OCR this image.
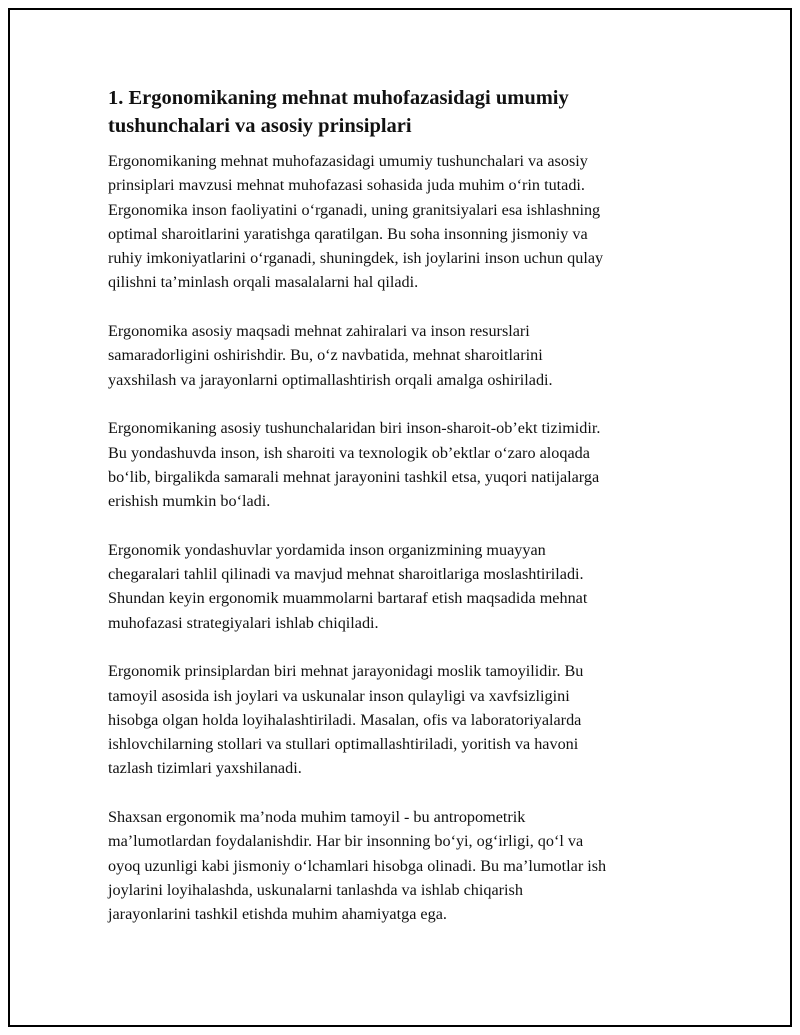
1. Ergonomikaning mehnat muhofazasidagi umumiy
tushunchalari va asosiy prinsiplari

Ergonomikaning mehnat muhofazasidagi umumiy tushunchalari va asosiy
prinsiplari mavzusi mehnat muhofazasi sohasida juda muhim o‘rin tutadi.
Ergonomika inson faoliyatini o‘rganadi, uning granitsiyalari esa ishlashning
optimal sharoitlarini yaratishga qaratilgan. Bu soha insonning jismoniy va
ruhiy imkoniyatlarini o‘rganadi, shuningdek, ish joylarini inson uchun qulay
qilishni ta’minlash orqali masalalarni hal qiladi.

Ergonomika asosiy maqsadi mehnat zahiralari va inson resurslari
samaradorligini oshirishdir. Bu, o‘z navbatida, mehnat sharoitlarini
yaxshilash va jarayonlarni optimallashtirish orqali amalga oshiriladi.

Ergonomikaning asosiy tushunchalaridan biri inson-sharoit-ob’ekt tizimidir.
Bu yondashuvda inson, ish sharoiti va texnologik ob’ektlar o‘zaro aloqada
bo‘lib, birgalikda samarali mehnat jarayonini tashkil etsa, yuqori natijalarga
erishish mumkin bo‘ladi.

Ergonomik yondashuvlar yordamida inson organizmining muayyan
chegaralari tahlil qilinadi va mavjud mehnat sharoitlariga moslashtiriladi.
Shundan keyin ergonomik muammolarni bartaraf etish maqsadida mehnat
muhofazasi strategiyalari ishlab chiqiladi.

Ergonomik prinsiplardan biri mehnat jarayonidagi moslik tamoyilidir. Bu
tamoyil asosida ish joylari va uskunalar inson qulayligi va xavfsizligini
hisobga olgan holda loyihalashtiriladi. Masalan, ofis va laboratoriyalarda
ishlovchilarning stollari va stullari optimallashtiriladi, yoritish va havoni
tazlash tizimlari yaxshilanadi.

Shaxsan ergonomik ma’noda muhim tamoyil - bu antropometrik
ma’lumotlardan foydalanishdir. Har bir insonning bo‘yi, og‘irligi, qo‘l va
oyoq uzunligi kabi jismoniy o‘lchamlari hisobga olinadi. Bu ma’lumotlar ish
joylarini loyihalashda, uskunalarni tanlashda va ishlab chiqarish
jarayonlarini tashkil etishda muhim ahamiyatga ega.
